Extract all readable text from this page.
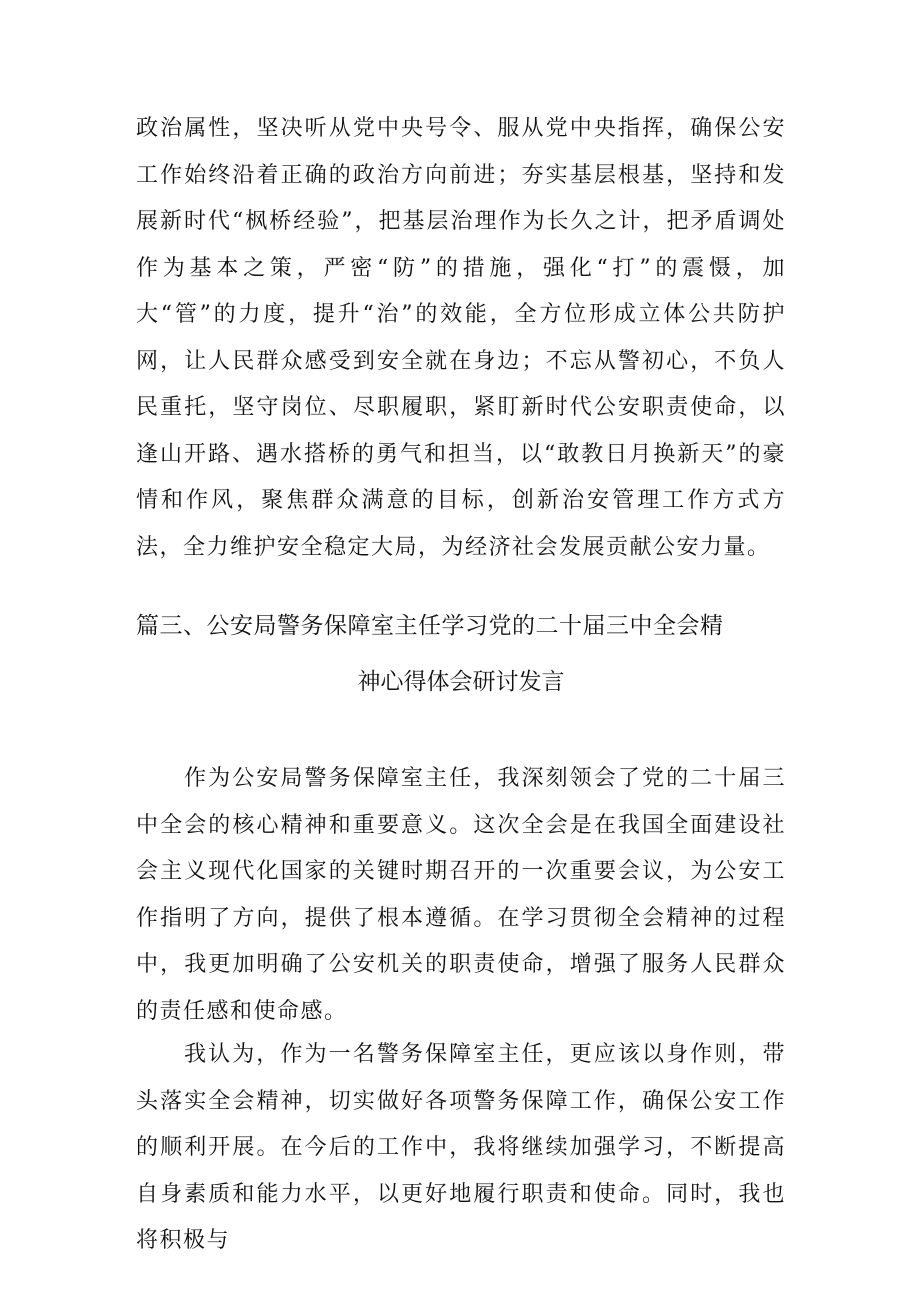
政治属性，坚决听从党中央号令、服从党中央指挥，确保公安工作始终沿着正确的政治方向前进；夯实基层根基，坚持和发展新时代“枫桥经验”，把基层治理作为长久之计，把矛盾调处作为基本之策，严密“防”的措施，强化“打”的震慑，加大“管”的力度，提升“治”的效能，全方位形成立体公共防护网，让人民群众感受到安全就在身边；不忘从警初心，不负人民重托，坚守岗位、尽职履职，紧盯新时代公安职责使命，以逢山开路、遇水搭桥的勇气和担当，以“敢教日月换新天”的豪情和作风，聚焦群众满意的目标，创新治安管理工作方式方法，全力维护安全稳定大局，为经济社会发展贡献公安力量。

篇三、公安局警务保障室主任学习党的二十届三中全会精
神心得体会研讨发言

作为公安局警务保障室主任，我深刻领会了党的二十届三中全会的核心精神和重要意义。这次全会是在我国全面建设社会主义现代化国家的关键时期召开的一次重要会议，为公安工作指明了方向，提供了根本遵循。在学习贯彻全会精神的过程中，我更加明确了公安机关的职责使命，增强了服务人民群众的责任感和使命感。

我认为，作为一名警务保障室主任，更应该以身作则，带头落实全会精神，切实做好各项警务保障工作，确保公安工作的顺利开展。在今后的工作中，我将继续加强学习，不断提高自身素质和能力水平，以更好地履行职责和使命。同时，我也将积极与
